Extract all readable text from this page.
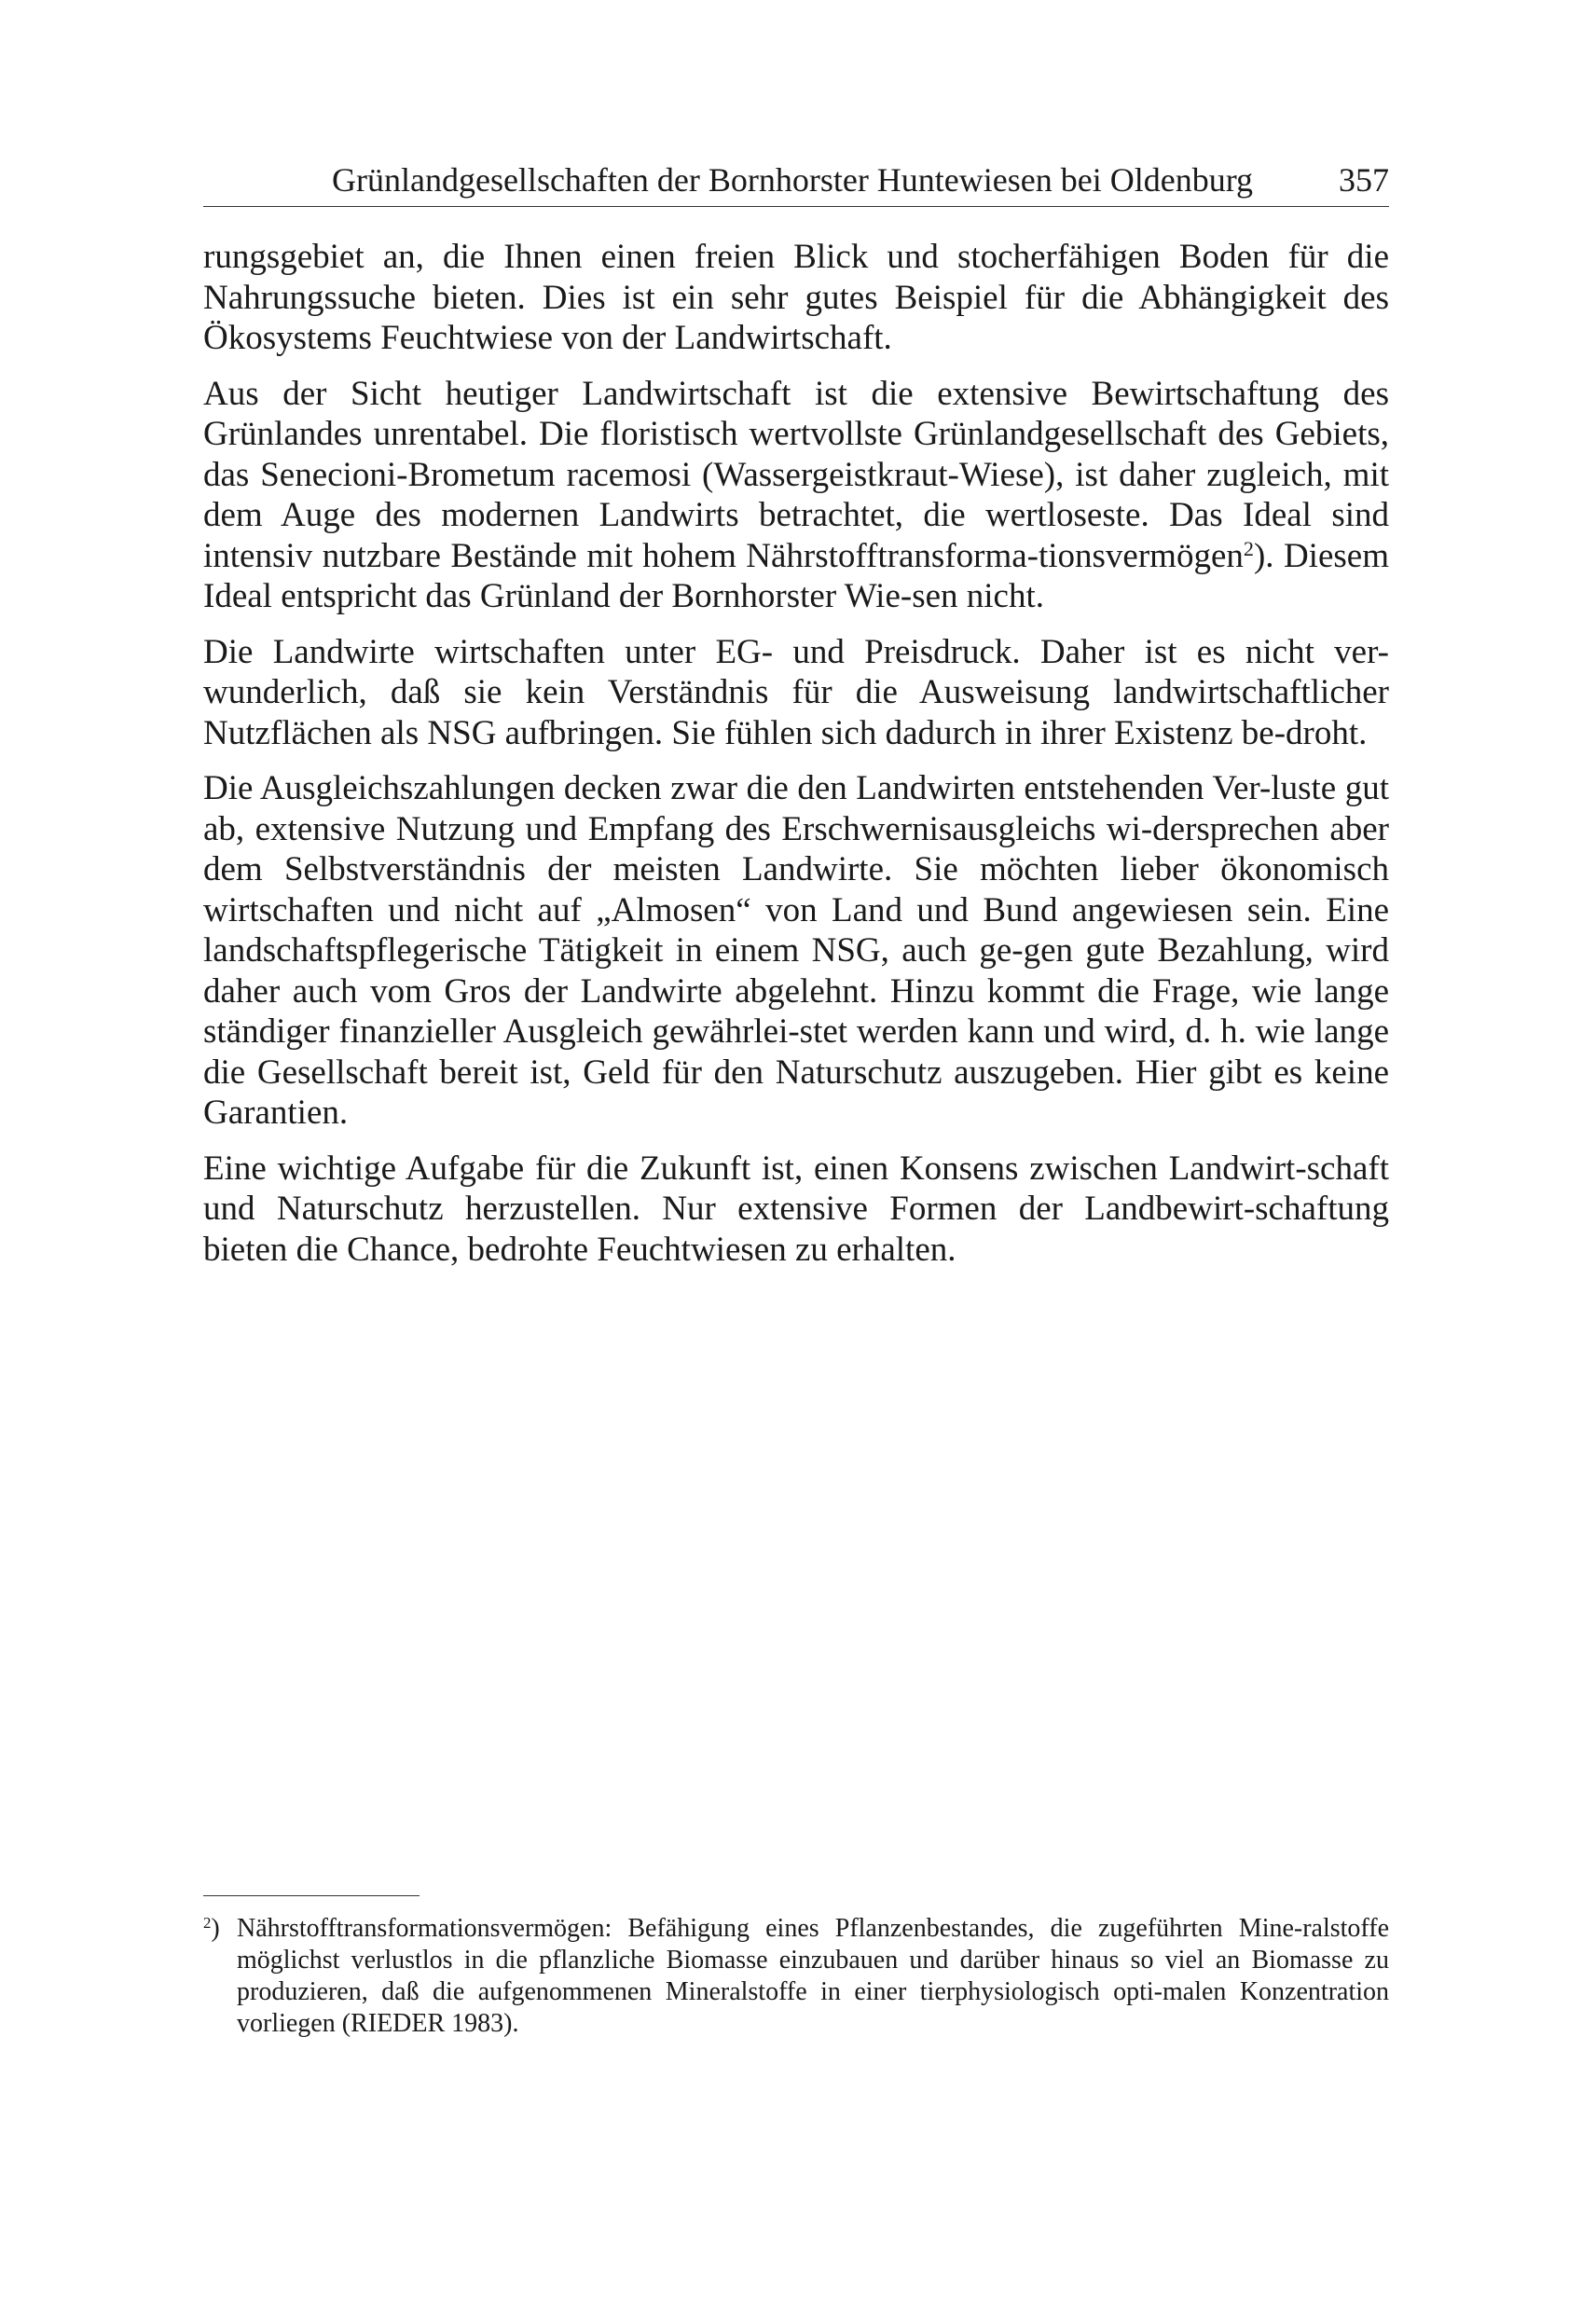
Grünlandgesellschaften der Bornhorster Huntewiesen bei Oldenburg	357

rungsgebiet an, die Ihnen einen freien Blick und stocherfähigen Boden für die Nahrungssuche bieten. Dies ist ein sehr gutes Beispiel für die Abhängigkeit des Ökosystems Feuchtwiese von der Landwirtschaft.

Aus der Sicht heutiger Landwirtschaft ist die extensive Bewirtschaftung des Grünlandes unrentabel. Die floristisch wertvollste Grünlandgesellschaft des Gebiets, das Senecioni-Brometum racemosi (Wassergeistkraut-Wiese), ist daher zugleich, mit dem Auge des modernen Landwirts betrachtet, die wertloseste. Das Ideal sind intensiv nutzbare Bestände mit hohem Nährstofftransforma-tionsvermögen$^2$). Diesem Ideal entspricht das Grünland der Bornhorster Wie-sen nicht.

Die Landwirte wirtschaften unter EG- und Preisdruck. Daher ist es nicht ver-wunderlich, daß sie kein Verständnis für die Ausweisung landwirtschaftlicher Nutzflächen als NSG aufbringen. Sie fühlen sich dadurch in ihrer Existenz be-droht.

Die Ausgleichszahlungen decken zwar die den Landwirten entstehenden Ver-luste gut ab, extensive Nutzung und Empfang des Erschwernisausgleichs wi-dersprechen aber dem Selbstverständnis der meisten Landwirte. Sie möchten lieber ökonomisch wirtschaften und nicht auf „Almosen“ von Land und Bund angewiesen sein. Eine landschaftspflegerische Tätigkeit in einem NSG, auch ge-gen gute Bezahlung, wird daher auch vom Gros der Landwirte abgelehnt. Hinzu kommt die Frage, wie lange ständiger finanzieller Ausgleich gewährlei-stet werden kann und wird, d. h. wie lange die Gesellschaft bereit ist, Geld für den Naturschutz auszugeben. Hier gibt es keine Garantien.

Eine wichtige Aufgabe für die Zukunft ist, einen Konsens zwischen Landwirt-schaft und Naturschutz herzustellen. Nur extensive Formen der Landbewirt-schaftung bieten die Chance, bedrohte Feuchtwiesen zu erhalten.

$^2$) Nährstofftransformationsvermögen: Befähigung eines Pflanzenbestandes, die zugeführten Mine-ralstoffe möglichst verlustlos in die pflanzliche Biomasse einzubauen und darüber hinaus so viel an Biomasse zu produzieren, daß die aufgenommenen Mineralstoffe in einer tierphysiologisch opti-malen Konzentration vorliegen (RIEDER 1983).
